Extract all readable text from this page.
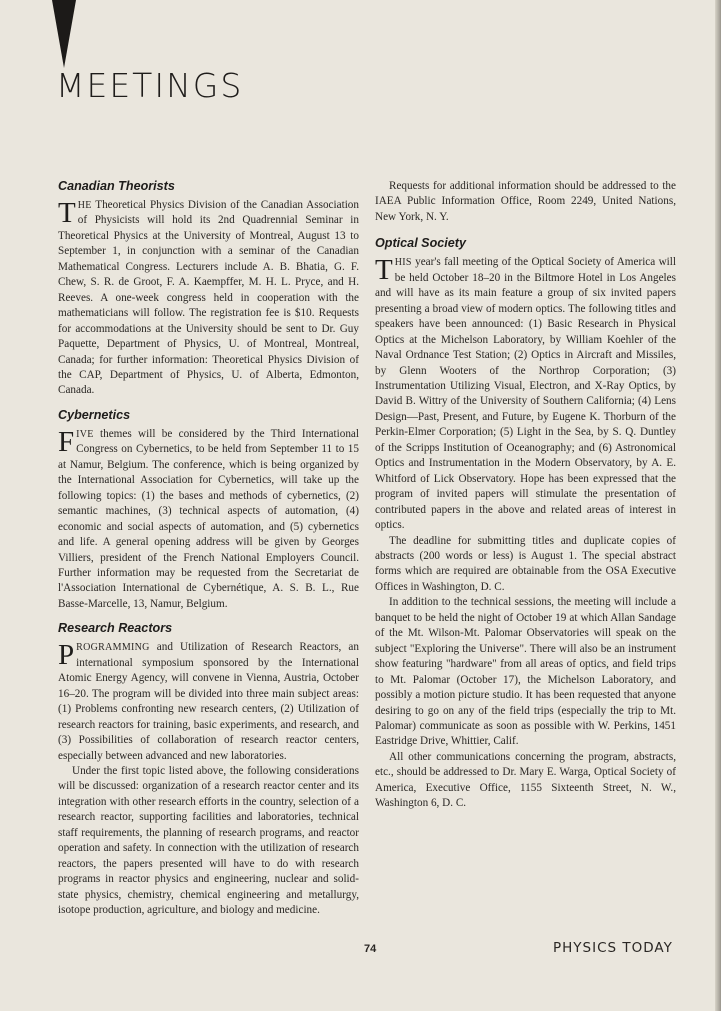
MEETINGS
Canadian Theorists

THE Theoretical Physics Division of the Canadian Association of Physicists will hold its 2nd Quadrennial Seminar in Theoretical Physics at the University of Montreal, August 13 to September 1, in conjunction with a seminar of the Canadian Mathematical Congress. Lecturers include A. B. Bhatia, G. F. Chew, S. R. de Groot, F. A. Kaempffer, M. H. L. Pryce, and H. Reeves. A one-week congress held in cooperation with the mathematicians will follow. The registration fee is $10. Requests for accommodations at the University should be sent to Dr. Guy Paquette, Department of Physics, U. of Montreal, Montreal, Canada; for further information: Theoretical Physics Division of the CAP, Department of Physics, U. of Alberta, Edmonton, Canada.

Cybernetics

FIVE themes will be considered by the Third International Congress on Cybernetics, to be held from September 11 to 15 at Namur, Belgium. The conference, which is being organized by the International Association for Cybernetics, will take up the following topics: (1) the bases and methods of cybernetics, (2) semantic machines, (3) technical aspects of automation, (4) economic and social aspects of automation, and (5) cybernetics and life. A general opening address will be given by Georges Villiers, president of the French National Employers Council. Further information may be requested from the Secretariat de l'Association International de Cybernétique, A. S. B. L., Rue Basse-Marcelle, 13, Namur, Belgium.

Research Reactors

PROGRAMMING and Utilization of Research Reactors, an international symposium sponsored by the International Atomic Energy Agency, will convene in Vienna, Austria, October 16–20. The program will be divided into three main subject areas: (1) Problems confronting new research centers, (2) Utilization of research reactors for training, basic experiments, and research, and (3) Possibilities of collaboration of research reactor centers, especially between advanced and new laboratories.

Under the first topic listed above, the following considerations will be discussed: organization of a research reactor center and its integration with other research efforts in the country, selection of a research reactor, supporting facilities and laboratories, technical staff requirements, the planning of research programs, and reactor operation and safety. In connection with the utilization of research reactors, the papers presented will have to do with research programs in reactor physics and engineering, nuclear and solid-state physics, chemistry, chemical engineering and metallurgy, isotope production, agriculture, and biology and medicine.

Requests for additional information should be addressed to the IAEA Public Information Office, Room 2249, United Nations, New York, N. Y.

Optical Society

THIS year's fall meeting of the Optical Society of America will be held October 18–20 in the Biltmore Hotel in Los Angeles and will have as its main feature a group of six invited papers presenting a broad view of modern optics. The following titles and speakers have been announced: (1) Basic Research in Physical Optics at the Michelson Laboratory, by William Koehler of the Naval Ordnance Test Station; (2) Optics in Aircraft and Missiles, by Glenn Wooters of the Northrop Corporation; (3) Instrumentation Utilizing Visual, Electron, and X-Ray Optics, by David B. Wittry of the University of Southern California; (4) Lens Design—Past, Present, and Future, by Eugene K. Thorburn of the Perkin-Elmer Corporation; (5) Light in the Sea, by S. Q. Duntley of the Scripps Institution of Oceanography; and (6) Astronomical Optics and Instrumentation in the Modern Observatory, by A. E. Whitford of Lick Observatory. Hope has been expressed that the program of invited papers will stimulate the presentation of contributed papers in the above and related areas of interest in optics.

The deadline for submitting titles and duplicate copies of abstracts (200 words or less) is August 1. The special abstract forms which are required are obtainable from the OSA Executive Offices in Washington, D. C.

In addition to the technical sessions, the meeting will include a banquet to be held the night of October 19 at which Allan Sandage of the Mt. Wilson-Mt. Palomar Observatories will speak on the subject "Exploring the Universe". There will also be an instrument show featuring "hardware" from all areas of optics, and field trips to Mt. Palomar (October 17), the Michelson Laboratory, and possibly a motion picture studio. It has been requested that anyone desiring to go on any of the field trips (especially the trip to Mt. Palomar) communicate as soon as possible with W. Perkins, 1451 Eastridge Drive, Whittier, Calif.

All other communications concerning the program, abstracts, etc., should be addressed to Dr. Mary E. Warga, Optical Society of America, Executive Office, 1155 Sixteenth Street, N. W., Washington 6, D. C.

74	PHYSICS TODAY
